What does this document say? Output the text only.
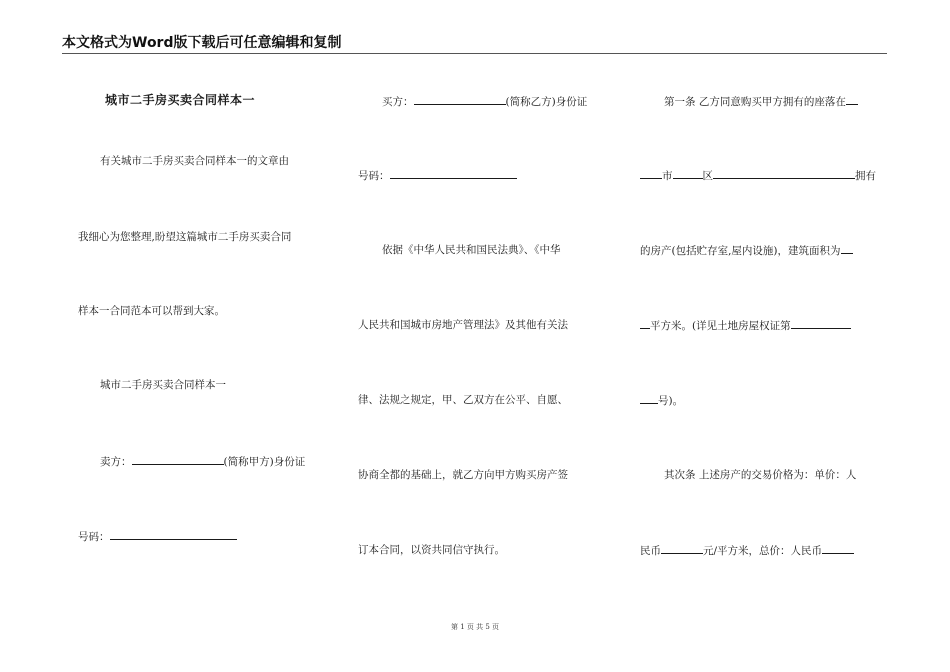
本文格式为Word版下载后可任意编辑和复制
城市二手房买卖合同样本一
有关城市二手房买卖合同样本一的文章由
我细心为您整理,盼望这篇城市二手房买卖合同
样本一合同范本可以帮到大家。
城市二手房买卖合同样本一
卖方：	(简称甲方)身份证
号码：
买方：	(简称乙方)身份证
号码：
依据《中华人民共和国民法典》、《中华
人民共和国城市房地产管理法》及其他有关法
律、法规之规定，甲、乙双方在公平、自愿、
协商全都的基础上，就乙方向甲方购买房产签
订本合同，以资共同信守执行。
第一条 乙方同意购买甲方拥有的座落在
市	区	拥有
的房产(包括贮存室,屋内设施)，建筑面积为
平方米。(详见土地房屋权证第
号)。
其次条 上述房产的交易价格为：单价：人
民币	元/平方米，总价：人民币
第 1 页 共 5 页
